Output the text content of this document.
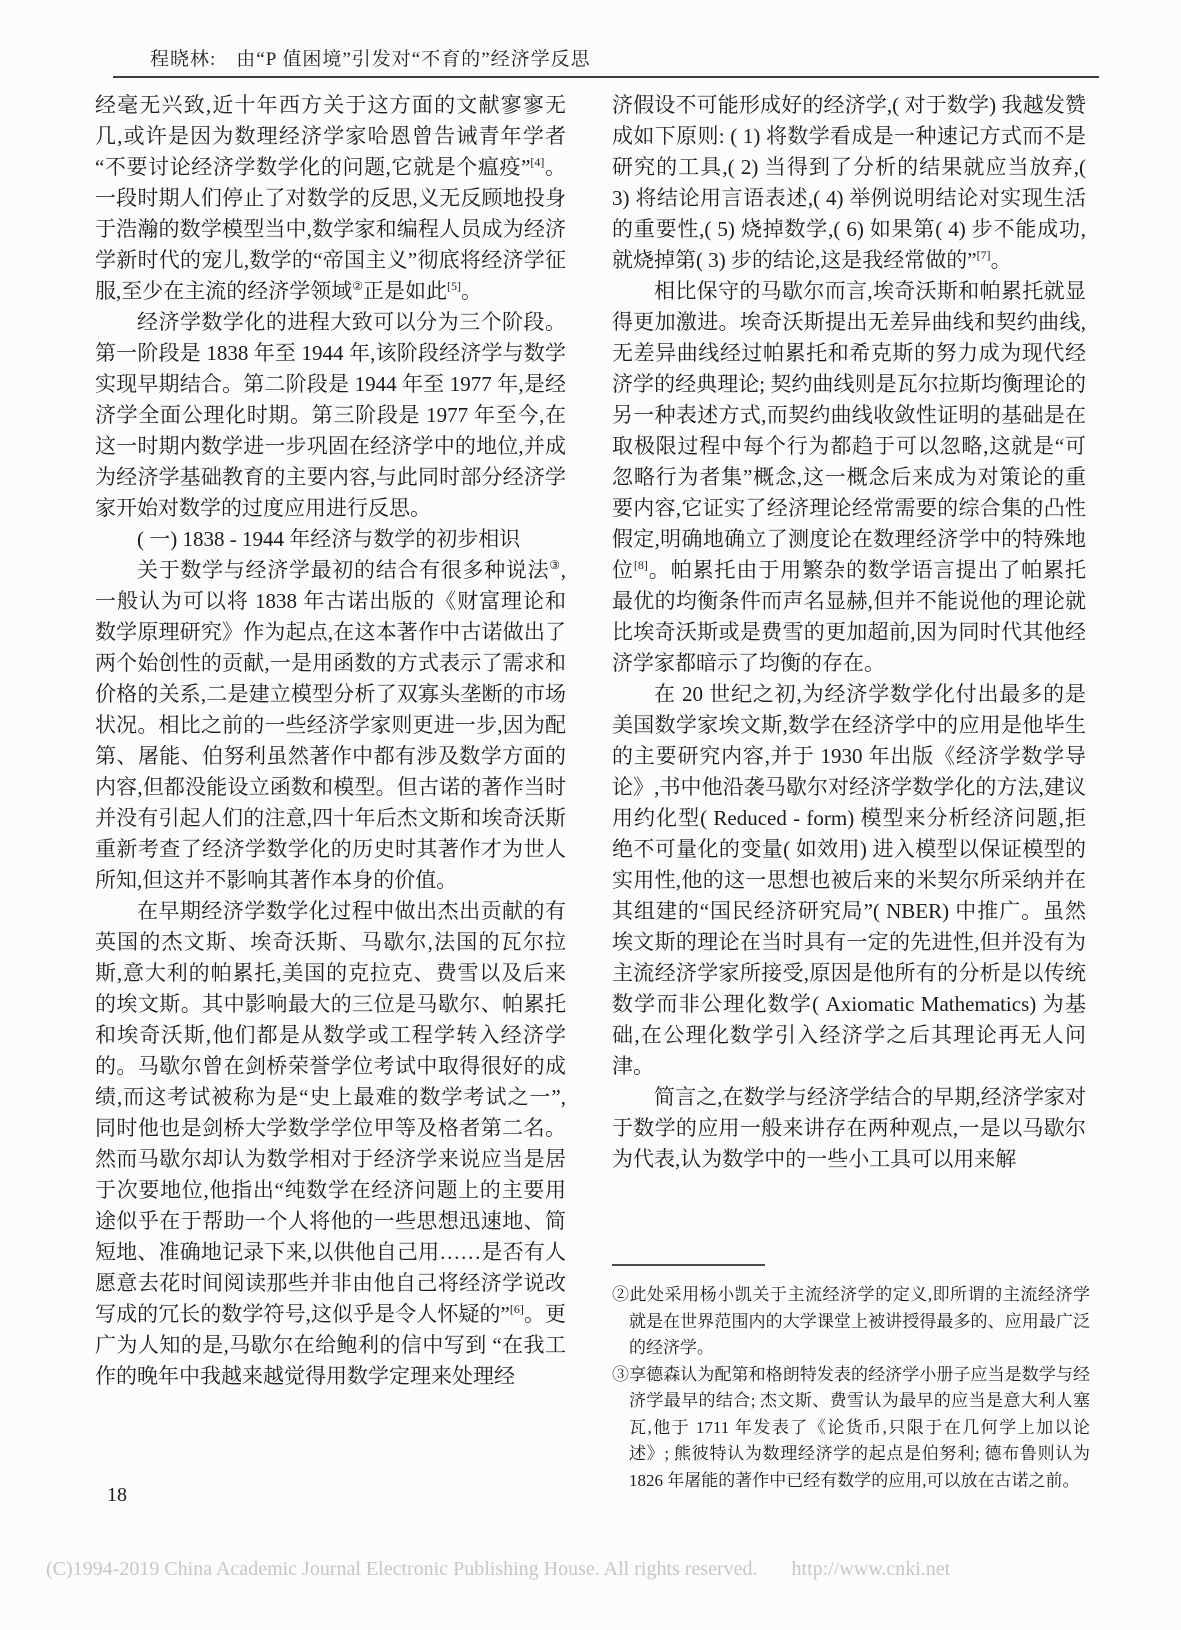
程晓林:　由“P 值困境”引发对“不育的”经济学反思

经毫无兴致,近十年西方关于这方面的文献寥寥无几,或许是因为数理经济学家哈恩曾告诫青年学者“不要讨论经济学数学化的问题,它就是个瘟疫”[4]。一段时期人们停止了对数学的反思,义无反顾地投身于浩瀚的数学模型当中,数学家和编程人员成为经济学新时代的宠儿,数学的“帝国主义”彻底将经济学征服,至少在主流的经济学领域②正是如此[5]。

经济学数学化的进程大致可以分为三个阶段。第一阶段是 1838 年至 1944 年,该阶段经济学与数学实现早期结合。第二阶段是 1944 年至 1977 年,是经济学全面公理化时期。第三阶段是 1977 年至今,在这一时期内数学进一步巩固在经济学中的地位,并成为经济学基础教育的主要内容,与此同时部分经济学家开始对数学的过度应用进行反思。

( 一) 1838 - 1944 年经济与数学的初步相识

关于数学与经济学最初的结合有很多种说法③,一般认为可以将 1838 年古诺出版的《财富理论和数学原理研究》作为起点,在这本著作中古诺做出了两个始创性的贡献,一是用函数的方式表示了需求和价格的关系,二是建立模型分析了双寡头垄断的市场状况。相比之前的一些经济学家则更进一步,因为配第、屠能、伯努利虽然著作中都有涉及数学方面的内容,但都没能设立函数和模型。但古诺的著作当时并没有引起人们的注意,四十年后杰文斯和埃奇沃斯重新考查了经济学数学化的历史时其著作才为世人所知,但这并不影响其著作本身的价值。

在早期经济学数学化过程中做出杰出贡献的有英国的杰文斯、埃奇沃斯、马歇尔,法国的瓦尔拉斯,意大利的帕累托,美国的克拉克、费雪以及后来的埃文斯。其中影响最大的三位是马歇尔、帕累托和埃奇沃斯,他们都是从数学或工程学转入经济学的。马歇尔曾在剑桥荣誉学位考试中取得很好的成绩,而这考试被称为是“史上最难的数学考试之一”, 同时他也是剑桥大学数学学位甲等及格者第二名。然而马歇尔却认为数学相对于经济学来说应当是居于次要地位,他指出“纯数学在经济问题上的主要用途似乎在于帮助一个人将他的一些思想迅速地、简短地、准确地记录下来,以供他自己用……是否有人愿意去花时间阅读那些并非由他自己将经济学说改写成的冗长的数学符号,这似乎是令人怀疑的”[6]。更广为人知的是,马歇尔在给鲍利的信中写到 “在我工作的晚年中我越来越觉得用数学定理来处理经

济假设不可能形成好的经济学,( 对于数学) 我越发赞成如下原则: ( 1) 将数学看成是一种速记方式而不是研究的工具,( 2) 当得到了分析的结果就应当放弃,( 3) 将结论用言语表述,( 4) 举例说明结论对实现生活的重要性,( 5) 烧掉数学,( 6) 如果第( 4) 步不能成功,就烧掉第( 3) 步的结论,这是我经常做的”[7]。

相比保守的马歇尔而言,埃奇沃斯和帕累托就显得更加激进。埃奇沃斯提出无差异曲线和契约曲线,无差异曲线经过帕累托和希克斯的努力成为现代经济学的经典理论; 契约曲线则是瓦尔拉斯均衡理论的另一种表述方式,而契约曲线收敛性证明的基础是在取极限过程中每个行为都趋于可以忽略,这就是“可忽略行为者集”概念,这一概念后来成为对策论的重要内容,它证实了经济理论经常需要的综合集的凸性假定,明确地确立了测度论在数理经济学中的特殊地位[8]。帕累托由于用繁杂的数学语言提出了帕累托最优的均衡条件而声名显赫,但并不能说他的理论就比埃奇沃斯或是费雪的更加超前,因为同时代其他经济学家都暗示了均衡的存在。

在 20 世纪之初,为经济学数学化付出最多的是美国数学家埃文斯,数学在经济学中的应用是他毕生的主要研究内容,并于 1930 年出版《经济学数学导论》,书中他沿袭马歇尔对经济学数学化的方法,建议用约化型( Reduced - form) 模型来分析经济问题,拒绝不可量化的变量( 如效用) 进入模型以保证模型的实用性,他的这一思想也被后来的米契尔所采纳并在其组建的“国民经济研究局”( NBER) 中推广。虽然埃文斯的理论在当时具有一定的先进性,但并没有为主流经济学家所接受,原因是他所有的分析是以传统数学而非公理化数学( Axiomatic Mathematics) 为基础,在公理化数学引入经济学之后其理论再无人问津。

简言之,在数学与经济学结合的早期,经济学家对于数学的应用一般来讲存在两种观点,一是以马歇尔为代表,认为数学中的一些小工具可以用来解

②此处采用杨小凯关于主流经济学的定义,即所谓的主流经济学就是在世界范围内的大学课堂上被讲授得最多的、应用最广泛的经济学。

③享德森认为配第和格朗特发表的经济学小册子应当是数学与经济学最早的结合; 杰文斯、费雪认为最早的应当是意大利人塞瓦,他于 1711 年发表了《论货币,只限于在几何学上加以论述》; 熊彼特认为数理经济学的起点是伯努利; 德布鲁则认为 1826 年屠能的著作中已经有数学的应用,可以放在古诺之前。

18
(C)1994-2019 China Academic Journal Electronic Publishing House. All rights reserved. http://www.cnki.net
